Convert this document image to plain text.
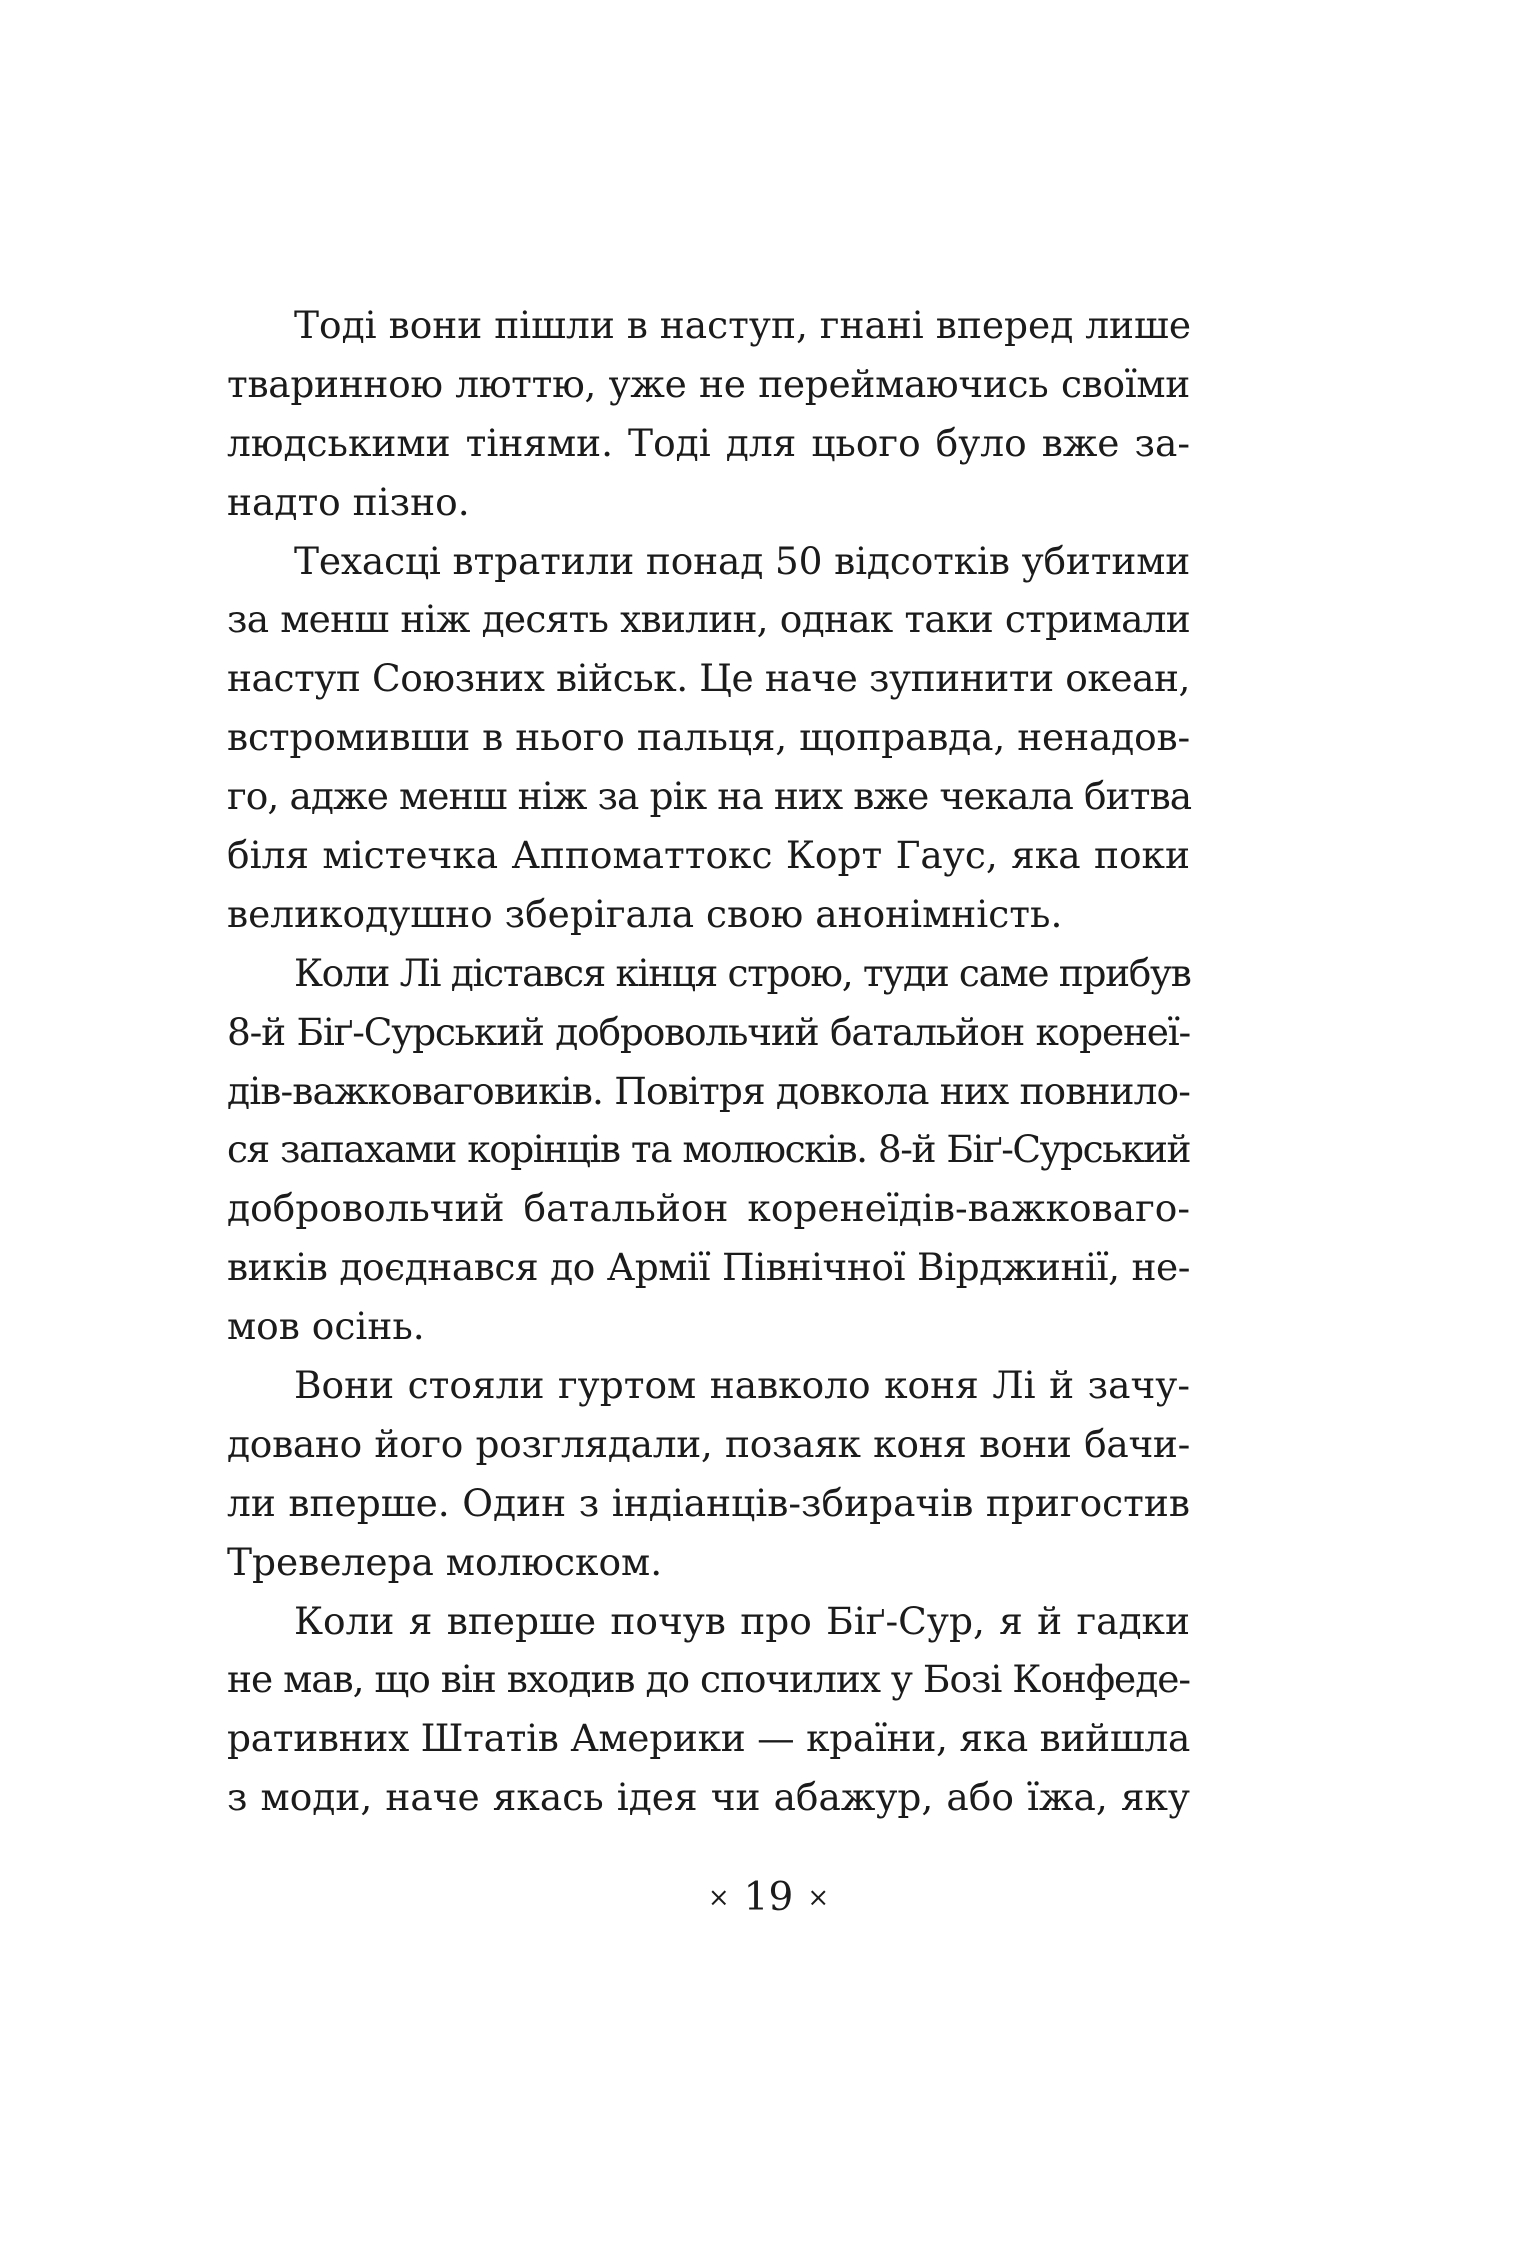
Тоді вони пішли в наступ, гнані вперед лише
тваринною люттю, уже не переймаючись своїми
людськими тінями. Тоді для цього було вже за-
надто пізно.
Техасці втратили понад 50 відсотків убитими
за менш ніж десять хвилин, однак таки стримали
наступ Союзних військ. Це наче зупинити океан,
встромивши в нього пальця, щоправда, ненадов-
го, адже менш ніж за рік на них вже чекала битва
біля містечка Аппоматтокс Корт Гаус, яка поки
великодушно зберігала свою анонімність.
Коли Лі дістався кінця строю, туди саме прибув
8-й Біґ-Сурський добровольчий батальйон коренеї-
дів-важковаговиків. Повітря довкола них повнило-
ся запахами корінців та молюсків. 8-й Біґ-Сурський
добровольчий батальйон коренеїдів-важковаго-
виків доєднався до Армії Північної Вірджинії, не-
мов осінь.
Вони стояли гуртом навколо коня Лі й зачу-
довано його розглядали, позаяк коня вони бачи-
ли вперше. Один з індіанців-збирачів пригостив
Тревелера молюском.
Коли я вперше почув про Біґ-Сур, я й гадки
не мав, що він входив до спочилих у Бозі Конфеде-
ративних Штатів Америки — країни, яка вийшла
з моди, наче якась ідея чи абажур, або їжа, яку
× 19 ×
